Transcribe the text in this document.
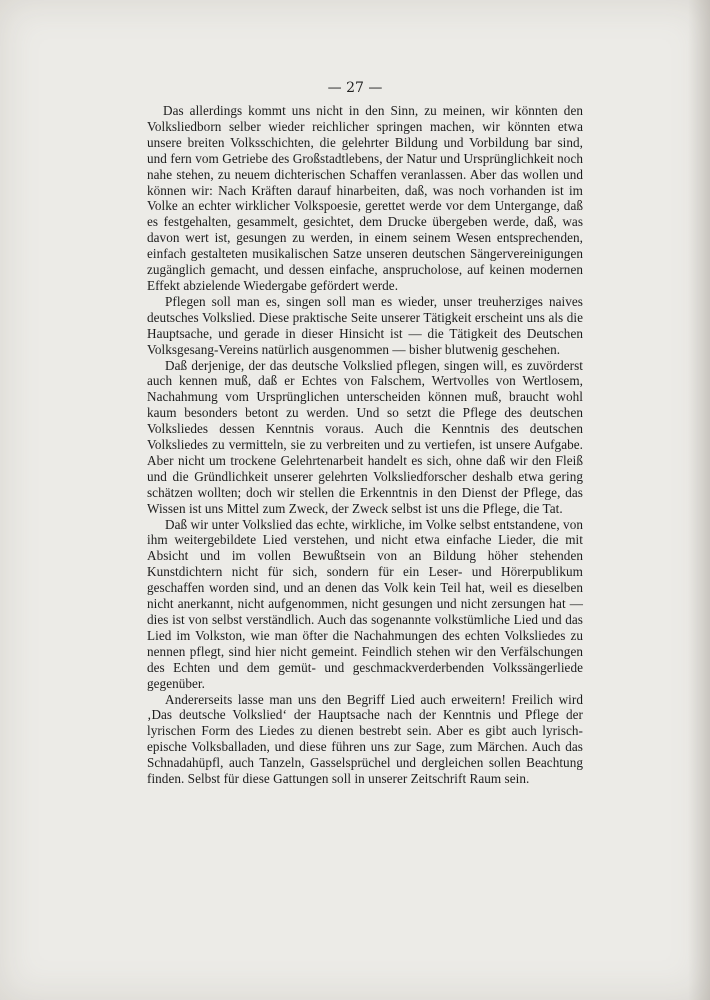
— 27 —

Das allerdings kommt uns nicht in den Sinn, zu meinen, wir könnten den Volksliedborn selber wieder reichlicher springen machen, wir könnten etwa unsere breiten Volksschichten, die gelehrter Bildung und Vorbildung bar sind, und fern vom Getriebe des Großstadtlebens, der Natur und Ursprünglichkeit noch nahe stehen, zu neuem dichterischen Schaffen veranlassen. Aber das wollen und können wir: Nach Kräften darauf hinarbeiten, daß, was noch vorhanden ist im Volke an echter wirklicher Volkspoesie, gerettet werde vor dem Untergange, daß es festgehalten, gesammelt, gesichtet, dem Drucke übergeben werde, daß, was davon wert ist, gesungen zu werden, in einem seinem Wesen entsprechenden, einfach gestalteten musikalischen Satze unseren deutschen Sängervereinigungen zugänglich gemacht, und dessen einfache, ansprucholose, auf keinen modernen Effekt abzielende Wiedergabe gefördert werde.

Pflegen soll man es, singen soll man es wieder, unser treuherziges naives deutsches Volkslied. Diese praktische Seite unserer Tätigkeit erscheint uns als die Hauptsache, und gerade in dieser Hinsicht ist — die Tätigkeit des Deutschen Volksgesang-Vereins natürlich ausgenommen — bisher blutwenig geschehen.

Daß derjenige, der das deutsche Volkslied pflegen, singen will, es zuvörderst auch kennen muß, daß er Echtes von Falschem, Wertvolles von Wertlosem, Nachahmung vom Ursprünglichen unterscheiden können muß, braucht wohl kaum besonders betont zu werden. Und so setzt die Pflege des deutschen Volksliedes dessen Kenntnis voraus. Auch die Kenntnis des deutschen Volksliedes zu vermitteln, sie zu verbreiten und zu vertiefen, ist unsere Aufgabe. Aber nicht um trockene Gelehrtenarbeit handelt es sich, ohne daß wir den Fleiß und die Gründlichkeit unserer gelehrten Volksliedforscher deshalb etwa gering schätzen wollten; doch wir stellen die Erkenntnis in den Dienst der Pflege, das Wissen ist uns Mittel zum Zweck, der Zweck selbst ist uns die Pflege, die Tat.

Daß wir unter Volkslied das echte, wirkliche, im Volke selbst entstandene, von ihm weitergebildete Lied verstehen, und nicht etwa einfache Lieder, die mit Absicht und im vollen Bewußtsein von an Bildung höher stehenden Kunstdichtern nicht für sich, sondern für ein Leser- und Hörerpublikum geschaffen worden sind, und an denen das Volk kein Teil hat, weil es dieselben nicht anerkannt, nicht aufgenommen, nicht gesungen und nicht zersungen hat — dies ist von selbst verständlich. Auch das sogenannte volkstümliche Lied und das Lied im Volkston, wie man öfter die Nachahmungen des echten Volksliedes zu nennen pflegt, sind hier nicht gemeint. Feindlich stehen wir den Verfälschungen des Echten und dem gemüt- und geschmackverderbenden Volkssängerliede gegenüber.

Andererseits lasse man uns den Begriff Lied auch erweitern! Freilich wird ‚Das deutsche Volkslied‘ der Hauptsache nach der Kenntnis und Pflege der lyrischen Form des Liedes zu dienen bestrebt sein. Aber es gibt auch lyrisch-epische Volksballaden, und diese führen uns zur Sage, zum Märchen. Auch das Schnadahüpfl, auch Tanzeln, Gasselsprüchel und dergleichen sollen Beachtung finden. Selbst für diese Gattungen soll in unserer Zeitschrift Raum sein.
